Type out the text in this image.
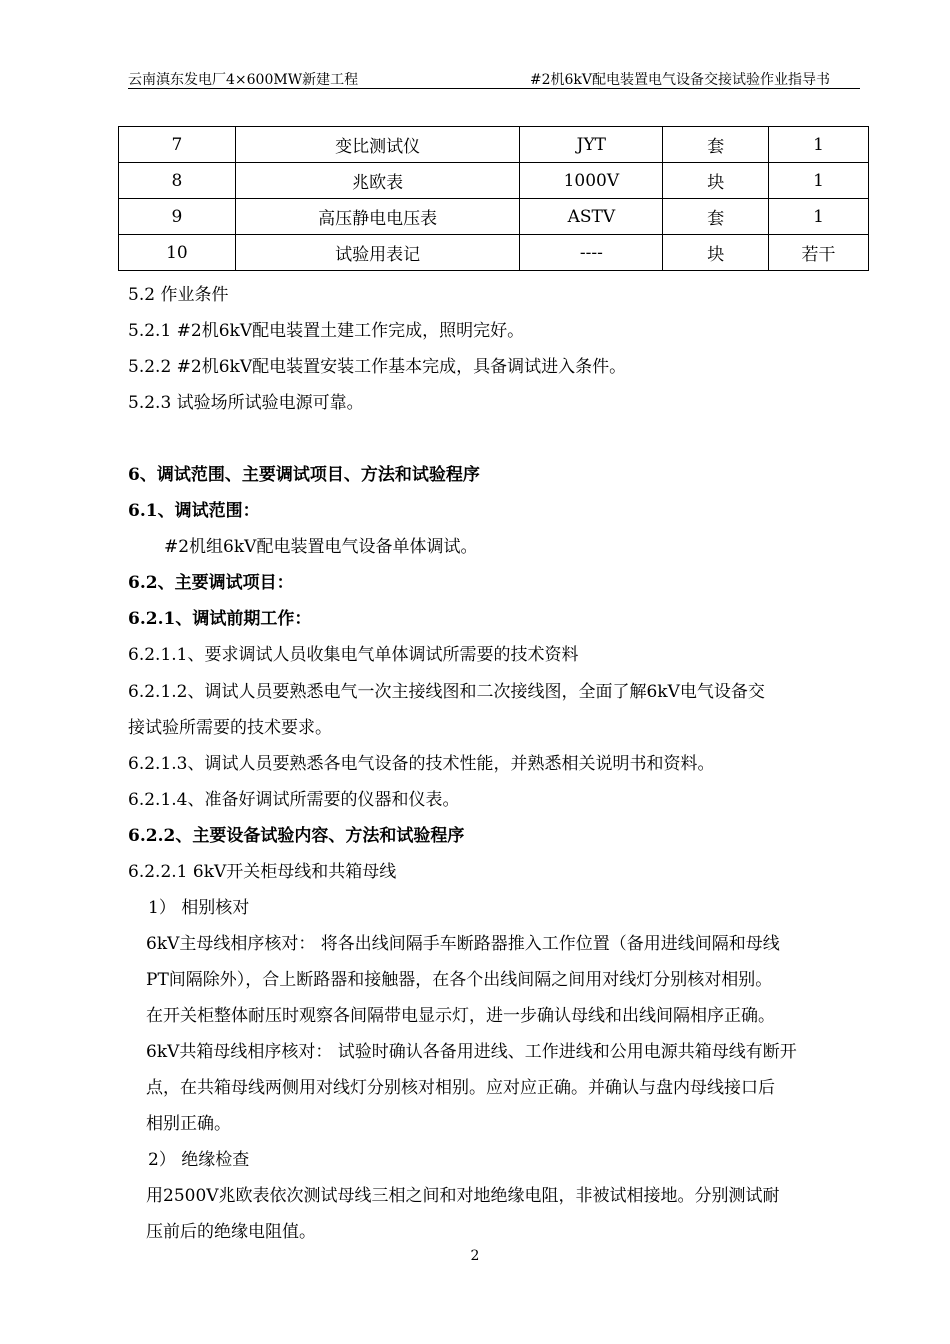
云南滇东发电厂4×600MW新建工程	#2机6kV配电装置电气设备交接试验作业指导书
7	变比测试仪	JYT	套	1
8	兆欧表	1000V	块	1
9	高压静电电压表	ASTV	套	1
10	试验用表记	----	块	若干
5.2 作业条件
5.2.1 #2机6kV配电装置土建工作完成，照明完好。
5.2.2 #2机6kV配电装置安装工作基本完成，具备调试进入条件。
5.2.3 试验场所试验电源可靠。
6、调试范围、主要调试项目、方法和试验程序
6.1、调试范围：
#2机组6kV配电装置电气设备单体调试。
6.2、主要调试项目：
6.2.1、调试前期工作：
6.2.1.1、要求调试人员收集电气单体调试所需要的技术资料
6.2.1.2、调试人员要熟悉电气一次主接线图和二次接线图，全面了解6kV电气设备交
接试验所需要的技术要求。
6.2.1.3、调试人员要熟悉各电气设备的技术性能，并熟悉相关说明书和资料。
6.2.1.4、准备好调试所需要的仪器和仪表。
6.2.2、主要设备试验内容、方法和试验程序
6.2.2.1 6kV开关柜母线和共箱母线
1） 相别核对
6kV主母线相序核对： 将各出线间隔手车断路器推入工作位置（备用进线间隔和母线
PT间隔除外），合上断路器和接触器，在各个出线间隔之间用对线灯分别核对相别。
在开关柜整体耐压时观察各间隔带电显示灯，进一步确认母线和出线间隔相序正确。
6kV共箱母线相序核对： 试验时确认各备用进线、工作进线和公用电源共箱母线有断开
点，在共箱母线两侧用对线灯分别核对相别。应对应正确。并确认与盘内母线接口后
相别正确。
2） 绝缘检查
用2500V兆欧表依次测试母线三相之间和对地绝缘电阻，非被试相接地。分别测试耐
压前后的绝缘电阻值。
2
